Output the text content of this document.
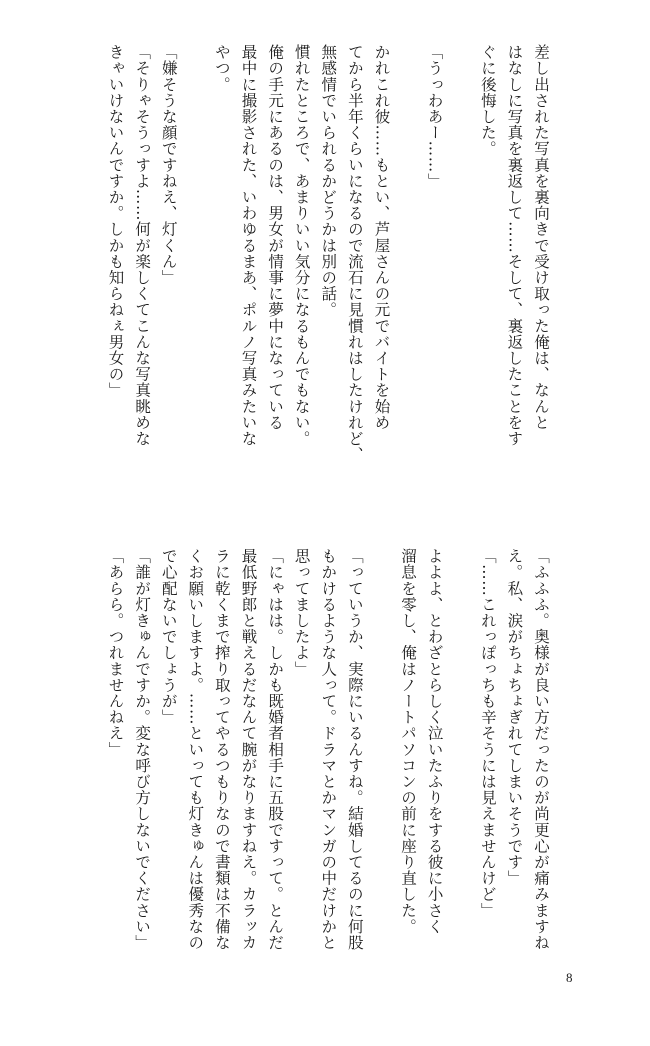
差し出された写真を裏向きで受け取った俺は、なんと
はなしに写真を裏返して……そして、裏返したことをす
ぐに後悔した。
「うっわあー……」
かれこれ彼……もとい、芦屋さんの元でバイトを始め
てから半年くらいになるので流石に見慣れはしたけれど、
無感情でいられるかどうかは別の話。
慣れたところで、あまりいい気分になるもんでもない。
俺の手元にあるのは、男女が情事に夢中になっている
最中に撮影された、いわゆるまあ、ポルノ写真みたいな
やつ。
「嫌そうな顔ですねえ、灯くん」
「そりゃそうっすよ……何が楽しくてこんな写真眺めな
きゃいけないんですか。しかも知らねぇ男女の」
「ふふふ。奥様が良い方だったのが尚更心が痛みますね
え。私、涙がちょちょぎれてしまいそうです」
「……これっぽっちも辛そうには見えませんけど」
よよよ、とわざとらしく泣いたふりをする彼に小さく
溜息を零し、俺はノートパソコンの前に座り直した。
「っていうか、実際にいるんすね。結婚してるのに何股
もかけるような人って。ドラマとかマンガの中だけかと
思ってましたよ」
「にゃはは。しかも既婚者相手に五股ですって。とんだ
最低野郎と戦えるだなんて腕がなりますねえ。カラッカ
ラに乾くまで搾り取ってやるつもりなので書類は不備な
くお願いしますよ。……といっても灯きゅんは優秀なの
で心配ないでしょうが」
「誰が灯きゅんですか。変な呼び方しないでください」
「あらら。つれませんねえ」
8
